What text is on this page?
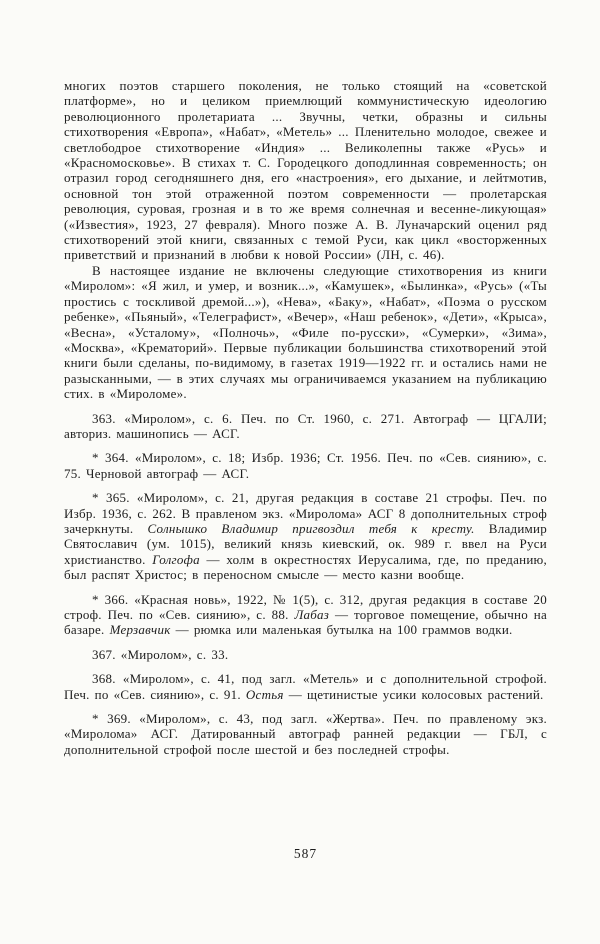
многих поэтов старшего поколения, не только стоящий на «советской платформе», но и целиком приемлющий коммунистическую идеологию революционного пролетариата ... Звучны, четки, образны и сильны стихотворения «Европа», «Набат», «Метель» ... Пленительно молодое, свежее и светлободрое стихотворение «Индия» ... Великолепны также «Русь» и «Красномосковье». В стихах т. С. Городецкого доподлинная современность; он отразил город сегодняшнего дня, его «настроения», его дыхание, и лейтмотив, основной тон этой отраженной поэтом современности — пролетарская революция, суровая, грозная и в то же время солнечная и весенне-ликующая» («Известия», 1923, 27 февраля). Много позже А. В. Луначарский оценил ряд стихотворений этой книги, связанных с темой Руси, как цикл «восторженных приветствий и признаний в любви к новой России» (ЛН, с. 46).

В настоящее издание не включены следующие стихотворения из книги «Миролом»: «Я жил, и умер, и возник...», «Камушек», «Былинка», «Русь» («Ты простись с тоскливой дремой...»), «Нева», «Баку», «Набат», «Поэма о русском ребенке», «Пьяный», «Телеграфист», «Вечер», «Наш ребенок», «Дети», «Крыса», «Весна», «Усталому», «Полночь», «Филе по-русски», «Сумерки», «Зима», «Москва», «Крематорий». Первые публикации большинства стихотворений этой книги были сделаны, по-видимому, в газетах 1919—1922 гг. и остались нами не разысканными, — в этих случаях мы ограничиваемся указанием на публикацию стих. в «Мироломе».

363. «Миролом», с. 6. Печ. по Ст. 1960, с. 271. Автограф — ЦГАЛИ; авториз. машинопись — АСГ.

* 364. «Миролом», с. 18; Избр. 1936; Ст. 1956. Печ. по «Сев. сиянию», с. 75. Черновой автограф — АСГ.

* 365. «Миролом», с. 21, другая редакция в составе 21 строфы. Печ. по Избр. 1936, с. 262. В правленом экз. «Миролома» АСГ 8 дополнительных строф зачеркнуты. Солнышко Владимир пригвоздил тебя к кресту. Владимир Святославич (ум. 1015), великий князь киевский, ок. 989 г. ввел на Руси христианство. Голгофа — холм в окрестностях Иерусалима, где, по преданию, был распят Христос; в переносном смысле — место казни вообще.

* 366. «Красная новь», 1922, № 1(5), с. 312, другая редакция в составе 20 строф. Печ. по «Сев. сиянию», с. 88. Лабаз — торговое помещение, обычно на базаре. Мерзавчик — рюмка или маленькая бутылка на 100 граммов водки.

367. «Миролом», с. 33.

368. «Миролом», с. 41, под загл. «Метель» и с дополнительной строфой. Печ. по «Сев. сиянию», с. 91. Остья — щетинистые усики колосовых растений.

* 369. «Миролом», с. 43, под загл. «Жертва». Печ. по правленому экз. «Миролома» АСГ. Датированный автограф ранней редакции — ГБЛ, с дополнительной строфой после шестой и без последней строфы.

587
